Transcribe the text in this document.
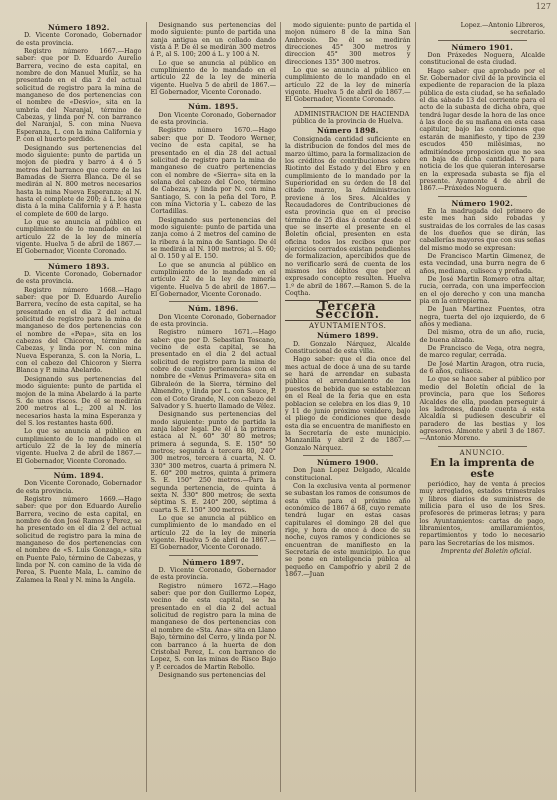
127
Número 1892.

D. Vicente Coronado, Gobernador de esta provincia.

Registro número 1667.—Hago saber: que por D. Eduardo Aurelio Barrera, vecino de esta capital, en nombre de don Manuel Muñiz, se ha presentado en el dia 2 del actual solicitud de registro para la mina de manganeso de dos pertenencias con el nombre de «Desvío», sita en la umbría del Naranjal, término de Cabezas, y linda por N. con barranco del Naranjal, S. con mina Nueva Esperanza, L. con la mina California y P. con el huerto perdido.

Designando sus pertenencias del modo siguiente: punto de partida un mojon de piedra y barro á 4 ó 5 metros del barranco que corre de las Bamadas de Sierra Blanca. De él se medirán al N. 800 metros necesarios hasta la mina Nueva Esperanza; al N. hasta el complete de 200; á L. los que dista á la mina California y á P. hasta el complete de 600 de largo.

Lo que se anuncia al público en cumplimiento de lo mandado en el artículo 22 de la ley de minería vigente. Huelva 5 de abril de 1867.—El Gobernador, Vicente Coronado.

Número 1893.

D. Vicente Coronado, Gobernador de esta provincia.

Registro número 1668.—Hago saber: que por D. Eduardo Aurelio Barrera, vecino de esta capital, se ha presentado en el dia 2 del actual solicitud de registro para la mina de manganeso de dos pertenencias con el nombre de «Pepa», sita en los cabezos del Chicoron, término de Cabezas, y linda por N. con mina Nueva Esperanza, S. con la Noria, L. con el cabezo del Chicoron y Sierra Blanca y P. mina Abelardo.

Designando sus pertenencias del modo siguiente: punto de partida el mojon de la mina Abelardo á la parte S. de unos riscos. De él se medirán 200 metros al L.; 200 al N. los necesarios hasta la mina Esperanza y del S. los restantes hasta 600.

Lo que se anuncia al público en cumplimiento de lo mandado en el artículo 22 de la ley de minería vigente. Huelva 2 de abril de 1867.—El Gobernador, Vicente Coronado.

Núm. 1894.

Don Vicente Coronado, Gobernador de esta provincia.

Registro número 1669.—Hago saber: que por don Eduardo Aurelio Barrera, vecino de esta capital, en nombre de don José Ramos y Perez, se ha presentado en el dia 2 del actual solicitud de registro para la mina de manganeso de dos pertenencias con el nombre de «S. Luis Gonzaga,» sita en Puente Palo, término de Cabezas, y linda por N. con camino de la vida de Perea, S. Puente Mala, L. camino de Zalamea la Real y N. mina la Angéla.

Designando sus pertenencias del modo siguiente: punto de partida una zanja antigua en un collado dando vista á P. De él se medirán 300 metros á P., al S. 100; 200 á L. y 100 á N.

Lo que se anuncia al público en cumplimiento de lo mandado en el artículo 22 de la ley de minería vigente. Huelva 5 de abril de 1867.—El Gobernador, Vicente Coronado.

Núm. 1895.

Don Vicente Coronado, Gobernador de esta provincia.

Registro número 1670.—Hago saber: que por D. Teodoro Werner, vecino de esta capital, se ha presentado en el dia 28 del actual solicitud de registro para la mina de manganeso de cuatro pertenencias con el nombre de «Sierra» sita en la solana del cabezo del Coco, término de Cabezas, y linda por N. con mina Santiago, S. con la peña del Toro, P. con mina Victoria y L. cabezo de las Cortadillas.

Designando sus pertenencias del modo siguiente: punto de partida una zanja como á 2 metros del camino de la ribera á la mina de Santiago. De él se medirán al N. 100 metros; al S. 60; al O. 150 y al E. 150.

Lo que se anuncia al público en cumplimiento de lo mandado en el artículo 22 de la ley de minería vigente. Huelva 5 de abril de 1867.—El Gobernador, Vicente Coronado.

Núm. 1896.

Don Vicente Coronado, Gobernador de esta provincia.

Registro número 1671.—Hago saber: que por D. Sebastian Toscano, vecino de esta capital, se ha presentado en el dia 2 del actual solicitud de registro para la mina de cobre de cuatro pertenencias con el nombre de «Venus Primavera» sita en Gibraleón de la Sierra, término del Almendro, y linda por L. con Sauce, P. con el Coto Grande, N. con cabezo del Salvador y S. huerto llamado de Vélez.

Designando sus pertenencias del modo siguiente: punto de partida la zanja labor legal. De él á la primera estaca al N. 60° 30' 80 metros; primera á segunda, S. E. 150° 50 metros; segunda á tercera 80, 240° 300 metros, tercera á cuarta, N. O. 330° 300 metros, cuarta á primera N. E. 60° 200 metros, quinta á primera S. E. 150° 250 metros.—Para la segunda pertenencia, de quinta á sexta N. 330° 800 metros; de sexta séptima S. E. 240° 200, séptima á cuarta S. E. 150° 300 metros.

Lo que se anuncia al público en cumplimiento de lo mandado en el artículo 22 de la ley de minería vigente. Huelva 5 de abril de 1867.—El Gobernador, Vicente Coronado.

Número 1897.

D. Vicente Coronado, Gobernador de esta provincia.

Registro número 1672.—Hago saber: que por don Guillermo Lopez, vecino de esta capital, se ha presentado en el dia 2 del actual solicitud de registro para la mina de manganeso de dos pertenencias con el nombre de «Sta. Ana» sita en Llano Bajo, término del Cerro, y linda por N. con barranco á la huerta de don Cristobal Perez, L. con barranco de Lopez, S. con las minas de Risco Bajo y P. cercados de Martin Rebollo.

Designando sus pertenencias del

modo siguiente: punto de partida el mojon número 8 de la mina San Ambrosio. De él se medirán direcciones 45° 300 metros y direccion 45° 300 metros y direcciones 135° 300 metros.

Lo que se anuncia al público en cumplimiento de lo mandado en el artículo 22 de la ley de minería vigente. Huelva 5 de abril de 1867.—El Gobernador, Vicente Coronado.

ADMINISTRACION DE HACIENDA pública de la provincia de Huelva.

Número 1898.

Consignada cantidad suficiente en la distribucion de fondos del mes de marzo último, para la formalizacion de los créditos de contribuciones sobre Riotinto del Estado y del Ebro y en cumplimiento de lo mandado por la Superioridad en su órden de 18 del citado marzo, la Administracion previene á los Sres. Alcaldes y Recaudadores de Contribuciones de esta provincia que en el preciso término de 25 dias á contar desde el que se inserte el presente en el Boletín oficial, presenten en esta oficina todos los recibos que por ejercicios cerrados existan pendientes de formalizacion, apercibidos que de no verificarlo será de cuenta de los mismos los débitos que por el expresado concepto resulten. Huelva 1.º de abril de 1867.—Ramon S. de la Coqtha.

Tercera Seccion.
AYUNTAMIENTOS.
Número 1899.

D. Gonzalo Nárquez, Alcalde Constitucional de esta villa.

Hago saber: que el dia once del mes actual de doce á una de su tarde se hará de arrendar en subasta pública el arrendamiento de los puestos de bebida que se establezcan en el Real de la feria que en esta poblacion se celebra en los dias 9, 10 y 11 de junio próximo venidero, bajo el pliego de condiciones que desde esta dia se encuentra de manifiesto en la Secretaría de este municipio. Manzanilla y abril 2 de 1867.—Gonzalo Nárquez.

Número 1900.

Don Juan Lopez Delgado, Alcalde constitucional.

Con la exclusiva venta al pormenor se subastan los ramos de consumos de esta villa para el próximo año económico de 1867 á 68, cuyo remate tendrá lugar en estas casas capitulares el domingo 28 del que rige, y hora de once á doce de su noche, cuyos ramos y condiciones se encuentran de manifiesto en la Secretaría de este municipio. Lo que se pone en inteligencia públca al pequeño en Campofrío y abril 2 de 1867.—Juan

Lopez.—Antonio Libreros, secretario.

Número 1901.

Don Práxedes Noguera, Alcalde constitucional de esta ciudad.

Hago saber: que aprobado por el Sr. Gobernador civil de la provincia el expediente de reparacion de la plaza pública de esta ciudad, se ha señalado el dia sábado 13 del corriente para el acto de la subasta de dicha obra, que tendrá lugar desde la hora de las once á las doce de su mañana en esta casa capitular, bajo las condiciones que estarán de manifiesto, y tipo de 239 escudos 450 milésimas, no admitiéndose proposicion que no sea en baja de dicha cantidad. Y para noticia de los que quieran interesarse en la expresada subasta se fija el presente. Ayamonte 4 de abril de 1867.—Práxedes Noguera.

Número 1902.

En la madrugada del primero de este mes han sido robadas y sustraidas de los corrales de las casas de los dueños que se dirán, las caballerías mayores que con sus señas del mismo modo se expresan:

De Francisco Martin Gimenez, de esta vecindad, una burra negra de 6 años, mediana, culiseca y preñada.

De José Martin Romero otra altar, rucia, cerrada, con una imperfeccion en el ojo derecho y con una mancha pia en la entrepierna.

De Juan Martinez Fuentes, otra negra, tuerta del ojo izquierdo, de 6 años y mediana.

Del mismo, otra de un año, rucia, de buena alzada.

De Francisco de Vega, otra negra, de marco regular, cerrada.

De José Martin Aragon, otra rucia, de 6 años, culiseca.

Lo que se hace saber al público por medio del Boletín oficial de la provincia, para que los Señores Alcaldes de ella, puedan perseguir á los ladrones, dando cuenta á esta Alcaldía si pudiesen descubrir el paradero de las bestias y los agresores. Almonte y abril 3 de 1867.—Antonio Moreno.

ANUNCIO.
En la imprenta de este

periódico, hay de venta á precios muy arreglados, estados trimestrales y libros diarios de suministros de milicia para el uso de los Sres. profesores de primeras letras; y para los Ayuntamientos: cartas de pago, libramientos, amillaramientos, repartimientos y todo lo necesario para las Secretarías de los mismos.

Imprenta del Boletín oficial.
